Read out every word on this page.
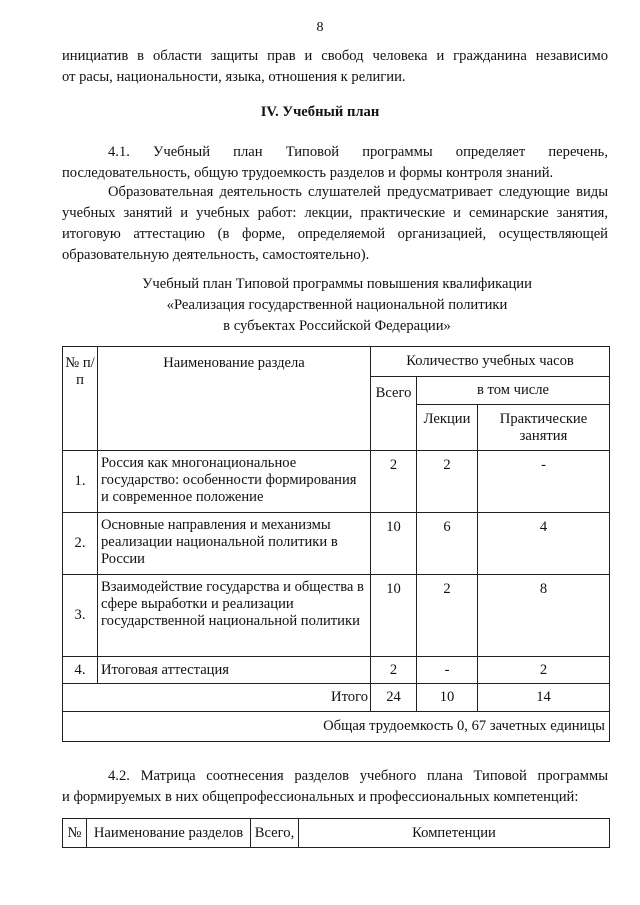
8

инициатив в области защиты прав и свобод человека и гражданина независимо
от расы, национальности, языка, отношения к религии.

IV. Учебный план

4.1. Учебный план Типовой программы определяет перечень,
последовательность, общую трудоемкость разделов и формы контроля знаний.

Образовательная деятельность слушателей предусматривает следующие виды
учебных занятий и учебных работ: лекции, практические и семинарские занятия,
итоговую аттестацию (в форме, определяемой организацией, осуществляющей
образовательную деятельность, самостоятельно).

Учебный план Типовой программы повышения квалификации
«Реализация государственной национальной политики
в субъектах Российской Федерации»
№ п/п	Наименование раздела	Количество учебных часов		
		Всего	в том числе	
			Лекции	Практические занятия
1.	Россия как многонациональное государство: особенности формирования и современное положение	2	2	-
2.	Основные направления и механизмы реализации национальной политики в России	10	6	4
3.	Взаимодействие государства и общества в сфере выработки и реализации государственной национальной политики	10	2	8
4.	Итоговая аттестация	2	-	2
Итого		24	10	14
Общая трудоемкость 0, 67 зачетных единицы				

4.2. Матрица соотнесения разделов учебного плана Типовой программы
и формируемых в них общепрофессиональных и профессиональных компетенций:

№	Наименование разделов	Всего,	Компетенции
